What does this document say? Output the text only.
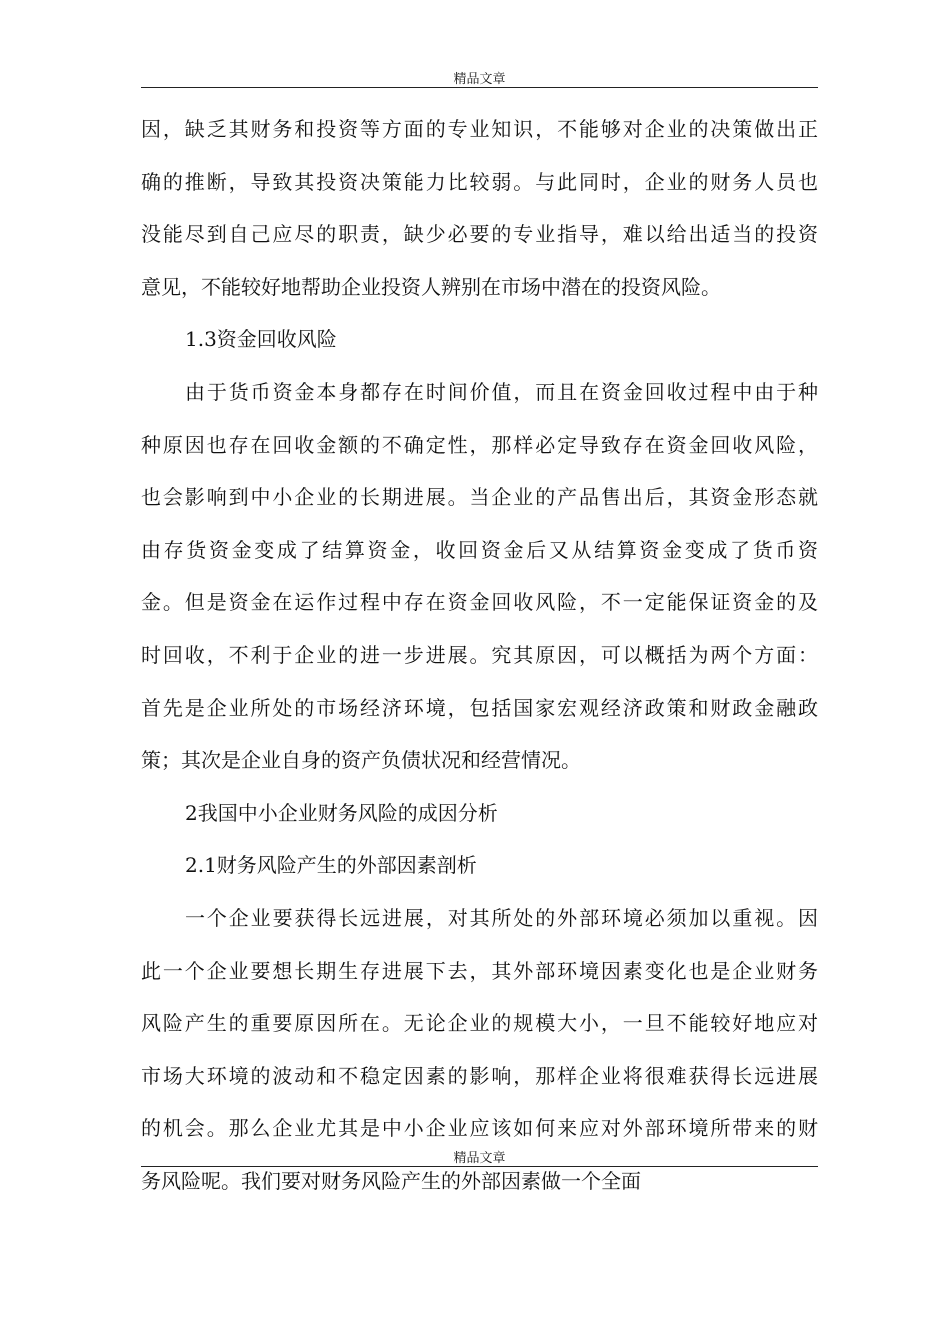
精品文章
因，缺乏其财务和投资等方面的专业知识，不能够对企业的决策做出正
确的推断，导致其投资决策能力比较弱。与此同时，企业的财务人员也
没能尽到自己应尽的职责，缺少必要的专业指导，难以给出适当的投资
意见，不能较好地帮助企业投资人辨别在市场中潜在的投资风险。
1.3资金回收风险
由于货币资金本身都存在时间价值，而且在资金回收过程中由于种
种原因也存在回收金额的不确定性，那样必定导致存在资金回收风险，
也会影响到中小企业的长期进展。当企业的产品售出后，其资金形态就
由存货资金变成了结算资金，收回资金后又从结算资金变成了货币资
金。但是资金在运作过程中存在资金回收风险，不一定能保证资金的及
时回收，不利于企业的进一步进展。究其原因，可以概括为两个方面：
首先是企业所处的市场经济环境，包括国家宏观经济政策和财政金融政
策；其次是企业自身的资产负债状况和经营情况。
2我国中小企业财务风险的成因分析
2.1财务风险产生的外部因素剖析
一个企业要获得长远进展，对其所处的外部环境必须加以重视。因
此一个企业要想长期生存进展下去，其外部环境因素变化也是企业财务
风险产生的重要原因所在。无论企业的规模大小，一旦不能较好地应对
市场大环境的波动和不稳定因素的影响，那样企业将很难获得长远进展
的机会。那么企业尤其是中小企业应该如何来应对外部环境所带来的财
务风险呢。我们要对财务风险产生的外部因素做一个全面
精品文章
